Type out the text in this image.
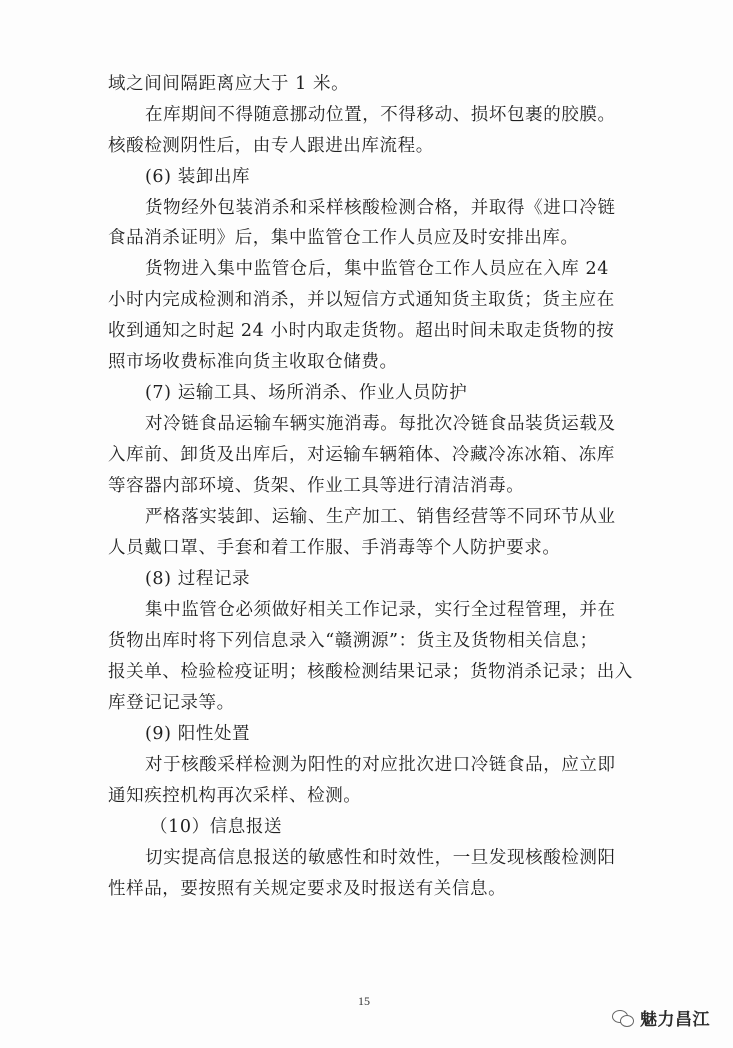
域之间间隔距离应大于 1 米。
在库期间不得随意挪动位置，不得移动、损坏包裹的胶膜。
核酸检测阴性后，由专人跟进出库流程。
(6) 装卸出库
货物经外包装消杀和采样核酸检测合格，并取得《进口冷链
食品消杀证明》后，集中监管仓工作人员应及时安排出库。
货物进入集中监管仓后，集中监管仓工作人员应在入库 24
小时内完成检测和消杀，并以短信方式通知货主取货；货主应在
收到通知之时起 24 小时内取走货物。超出时间未取走货物的按
照市场收费标准向货主收取仓储费。
(7) 运输工具、场所消杀、作业人员防护
对冷链食品运输车辆实施消毒。每批次冷链食品装货运载及
入库前、卸货及出库后，对运输车辆箱体、冷藏冷冻冰箱、冻库
等容器内部环境、货架、作业工具等进行清洁消毒。
严格落实装卸、运输、生产加工、销售经营等不同环节从业
人员戴口罩、手套和着工作服、手消毒等个人防护要求。
(8) 过程记录
集中监管仓必须做好相关工作记录，实行全过程管理，并在
货物出库时将下列信息录入“赣溯源”：货主及货物相关信息；
报关单、检验检疫证明；核酸检测结果记录；货物消杀记录；出入
库登记记录等。
(9) 阳性处置
对于核酸采样检测为阳性的对应批次进口冷链食品，应立即
通知疾控机构再次采样、检测。
（10）信息报送
切实提高信息报送的敏感性和时效性，一旦发现核酸检测阳
性样品，要按照有关规定要求及时报送有关信息。
15
魅力昌江
